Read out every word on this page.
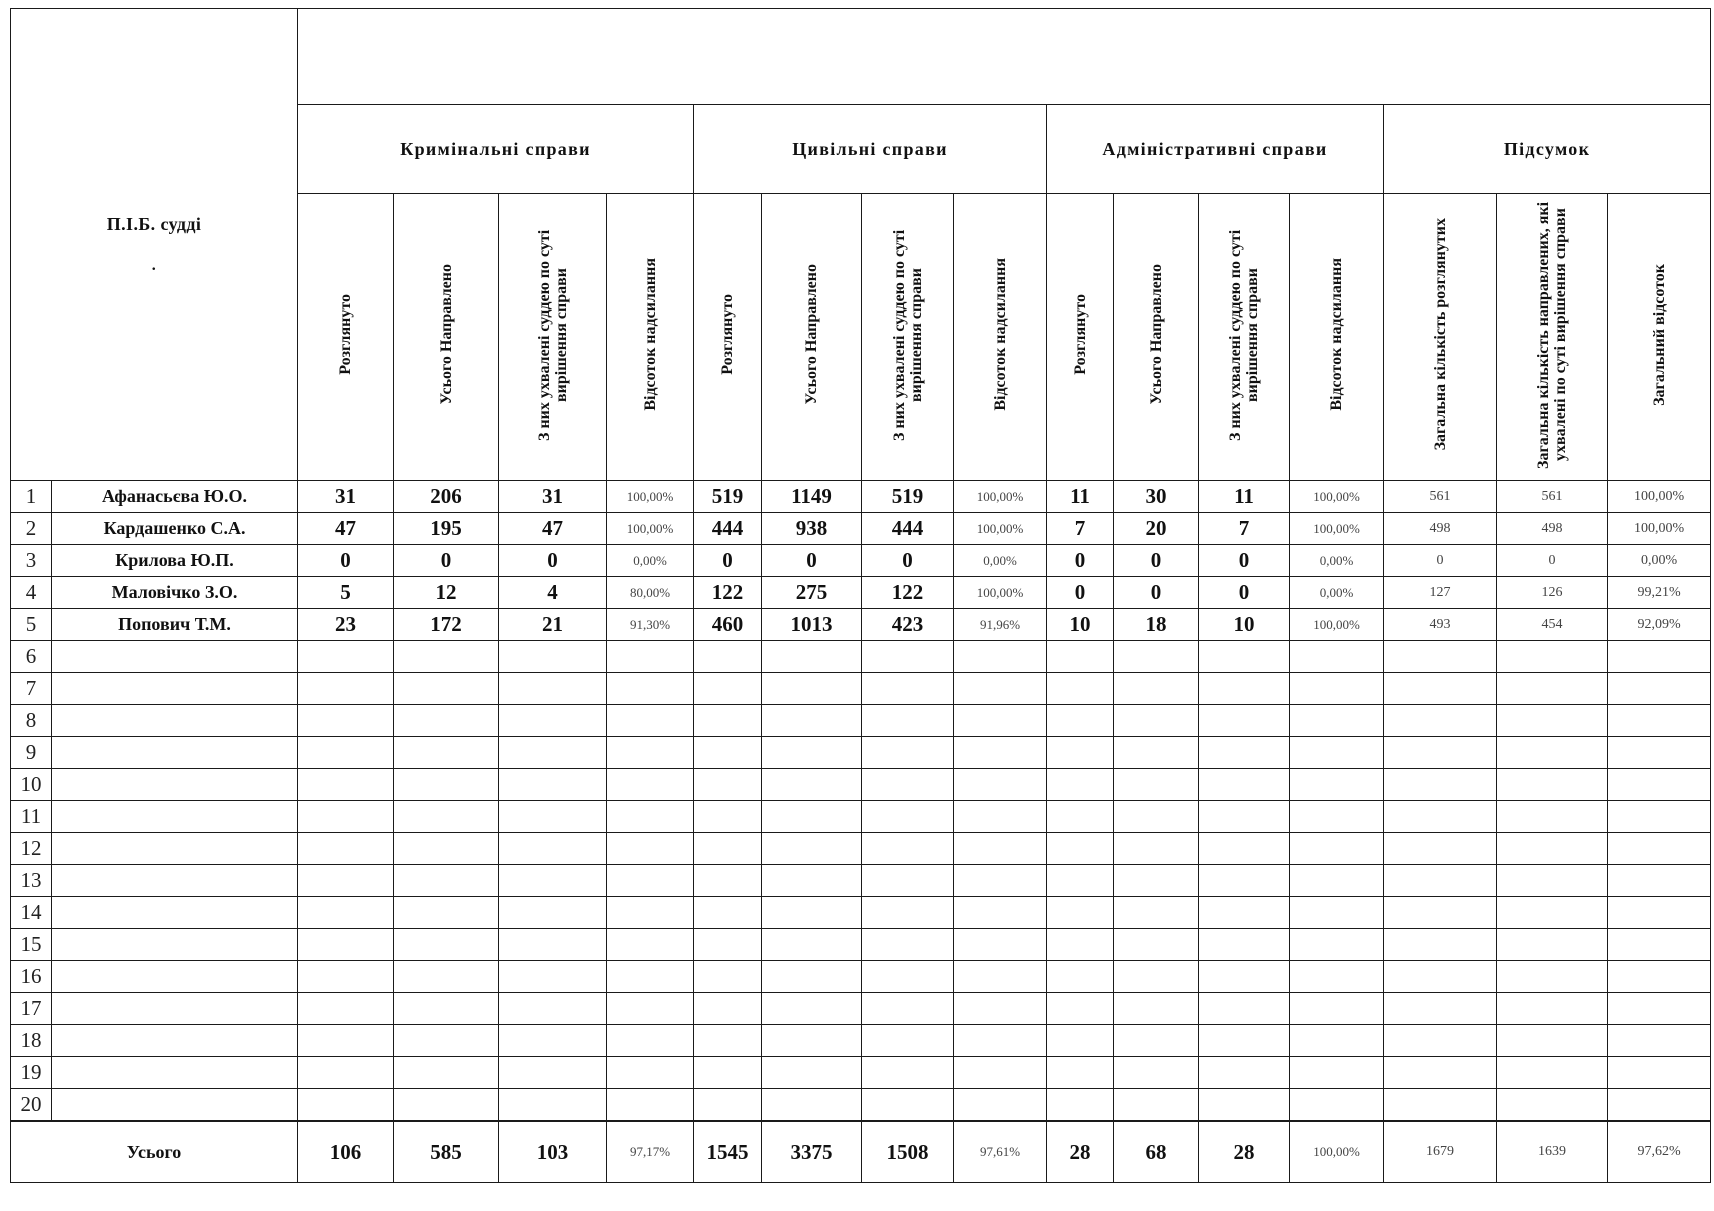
П.І.Б. судді
.																

		Кримінальні справи				Цивільні справи				Адміністративні справи				Підсумок		
		Розглянуто	Усього Направлено	З них ухвалені суддею по суті вирішення справи	Відсоток надсилання	Розглянуто	Усього Направлено	З них ухвалені суддею по суті вирішення справи	Відсоток надсилання	Розглянуто	Усього Направлено	З них ухвалені суддею по суті вирішення справи	Відсоток надсилання	Загальна кількість розглянутих	Загальна кількість направлених, які ухвалені по суті вирішення справи	Загальний відсоток
1	Афанасьєва Ю.О.	31	206	31	100,00%	519	1149	519	100,00%	11	30	11	100,00%	561	561	100,00%
2	Кардашенко С.А.	47	195	47	100,00%	444	938	444	100,00%	7	20	7	100,00%	498	498	100,00%
3	Крилова Ю.П.	0	0	0	0,00%	0	0	0	0,00%	0	0	0	0,00%	0	0	0,00%
4	Маловічко З.О.	5	12	4	80,00%	122	275	122	100,00%	0	0	0	0,00%	127	126	99,21%
5	Попович Т.М.	23	172	21	91,30%	460	1013	423	91,96%	10	18	10	100,00%	493	454	92,09%
6																
7																
8																
9																
10																
11																
12																
13																
14																
15																
16																
17																
18																
19																
20																
Усього		106	585	103	97,17%	1545	3375	1508	97,61%	28	68	28	100,00%	1679	1639	97,62%
